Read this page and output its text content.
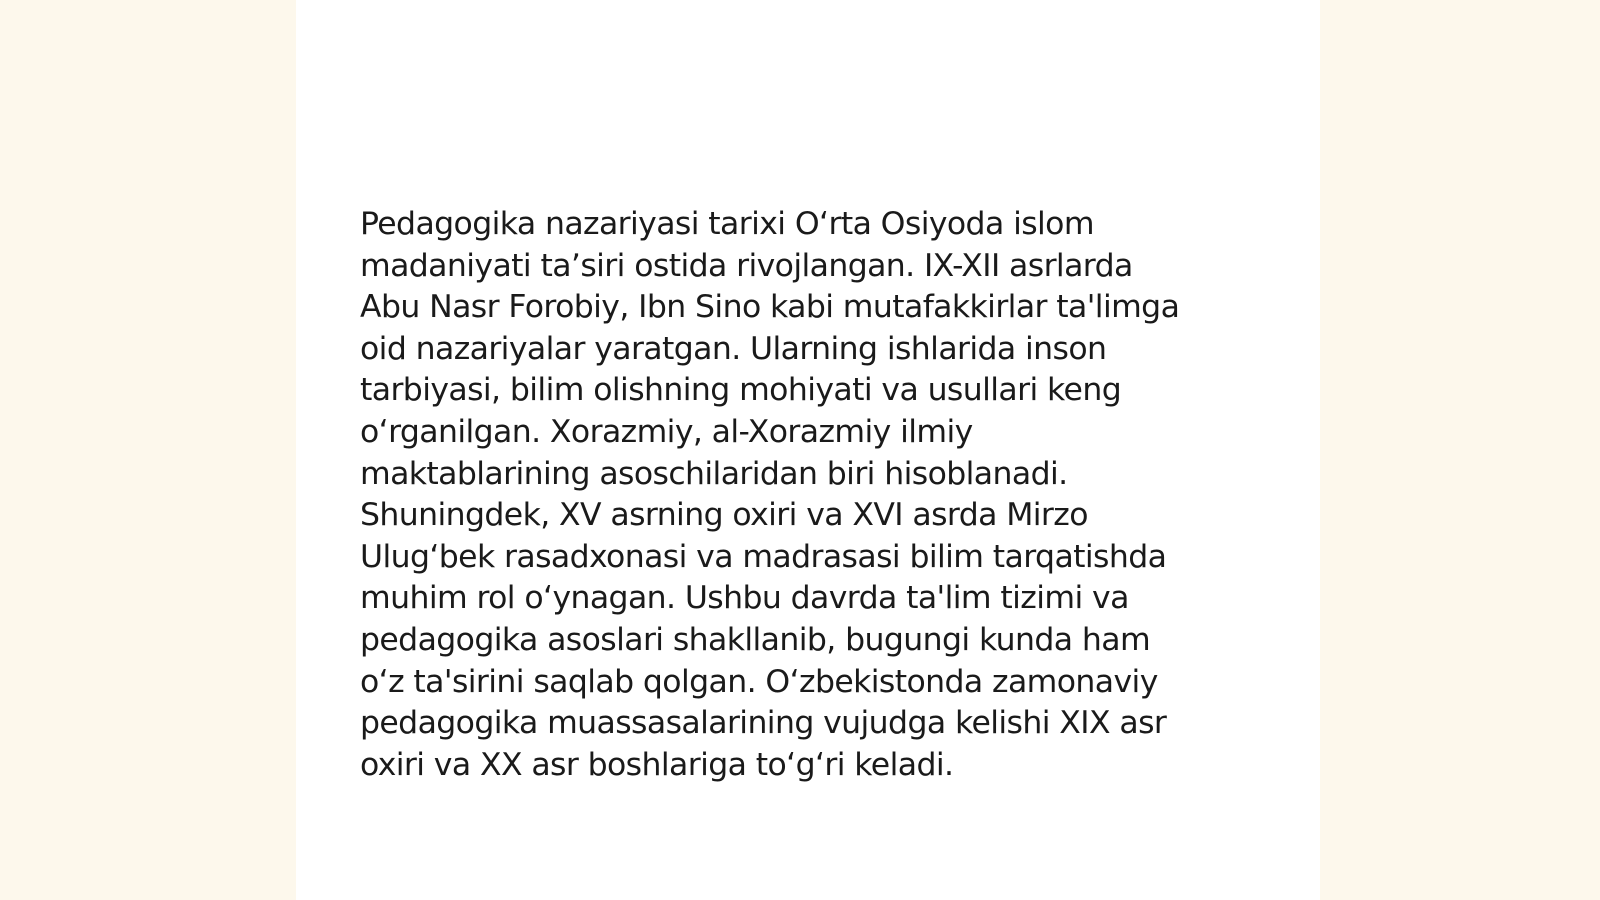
Pedagogika nazariyasi tarixi O‘rta Osiyoda islom
madaniyati ta’siri ostida rivojlangan. IX-XII asrlarda
Abu Nasr Forobiy, Ibn Sino kabi mutafakkirlar ta'limga
oid nazariyalar yaratgan. Ularning ishlarida inson
tarbiyasi, bilim olishning mohiyati va usullari keng
o‘rganilgan. Xorazmiy, al-Xorazmiy ilmiy
maktablarining asoschilaridan biri hisoblanadi.
Shuningdek, XV asrning oxiri va XVI asrda Mirzo
Ulug‘bek rasadxonasi va madrasasi bilim tarqatishda
muhim rol o‘ynagan. Ushbu davrda ta'lim tizimi va
pedagogika asoslari shakllanib, bugungi kunda ham
o‘z ta'sirini saqlab qolgan. O‘zbekistonda zamonaviy
pedagogika muassasalarining vujudga kelishi XIX asr
oxiri va XX asr boshlariga to‘g‘ri keladi.
